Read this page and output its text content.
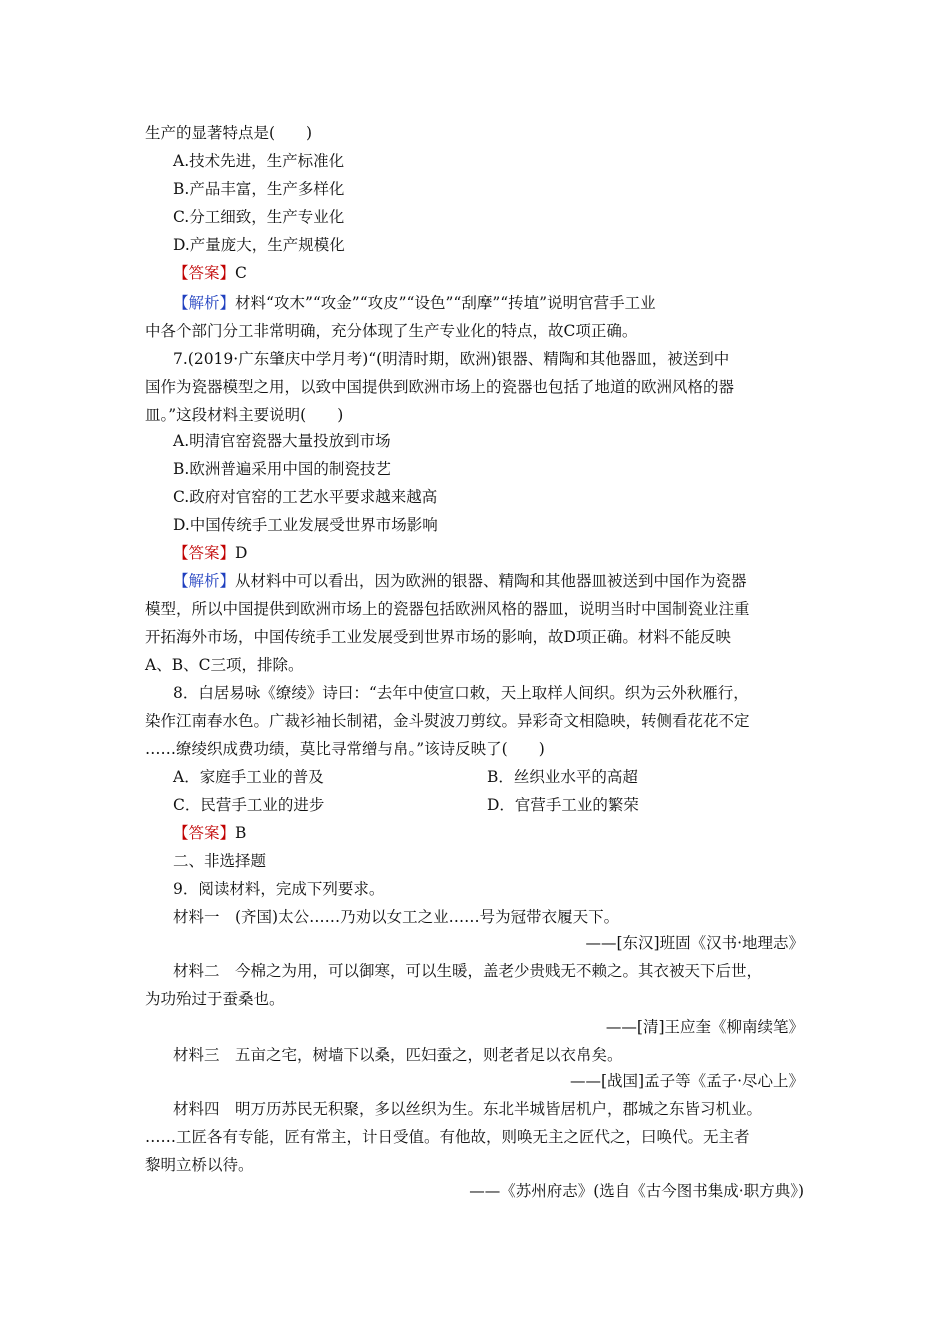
生产的显著特点是(　　)
A.技术先进，生产标准化
B.产品丰富，生产多样化
C.分工细致，生产专业化
D.产量庞大，生产规模化
【答案】C
【解析】材料“攻木”“攻金”“攻皮”“设色”“刮摩”“抟埴”说明官营手工业
中各个部门分工非常明确，充分体现了生产专业化的特点，故C项正确。
7.(2019·广东肇庆中学月考)“(明清时期，欧洲)银器、精陶和其他器皿，被送到中
国作为瓷器模型之用，以致中国提供到欧洲市场上的瓷器也包括了地道的欧洲风格的器
皿。”这段材料主要说明(　　)
A.明清官窑瓷器大量投放到市场
B.欧洲普遍采用中国的制瓷技艺
C.政府对官窑的工艺水平要求越来越高
D.中国传统手工业发展受世界市场影响
【答案】D
【解析】从材料中可以看出，因为欧洲的银器、精陶和其他器皿被送到中国作为瓷器
模型，所以中国提供到欧洲市场上的瓷器包括欧洲风格的器皿，说明当时中国制瓷业注重
开拓海外市场，中国传统手工业发展受到世界市场的影响，故D项正确。材料不能反映
A、B、C三项，排除。
8．白居易咏《缭绫》诗曰：“去年中使宣口敕，天上取样人间织。织为云外秋雁行，
染作江南春水色。广裁衫袖长制裙，金斗熨波刀剪纹。异彩奇文相隐映，转侧看花花不定
……缭绫织成费功绩，莫比寻常缯与帛。”该诗反映了(　　)
A．家庭手工业的普及	B．丝织业水平的高超
C．民营手工业的进步	D．官营手工业的繁荣
【答案】B
二、非选择题
9．阅读材料，完成下列要求。
材料一　(齐国)太公……乃劝以女工之业……号为冠带衣履天下。
——[东汉]班固《汉书·地理志》
材料二　今棉之为用，可以御寒，可以生暖，盖老少贵贱无不赖之。其衣被天下后世，
为功殆过于蚕桑也。
——[清]王应奎《柳南续笔》
材料三　五亩之宅，树墙下以桑，匹妇蚕之，则老者足以衣帛矣。
——[战国]孟子等《孟子·尽心上》
材料四　明万历苏民无积聚，多以丝织为生。东北半城皆居机户，郡城之东皆习机业。
……工匠各有专能，匠有常主，计日受值。有他故，则唤无主之匠代之，曰唤代。无主者
黎明立桥以待。
——《苏州府志》(选自《古今图书集成·职方典》)
